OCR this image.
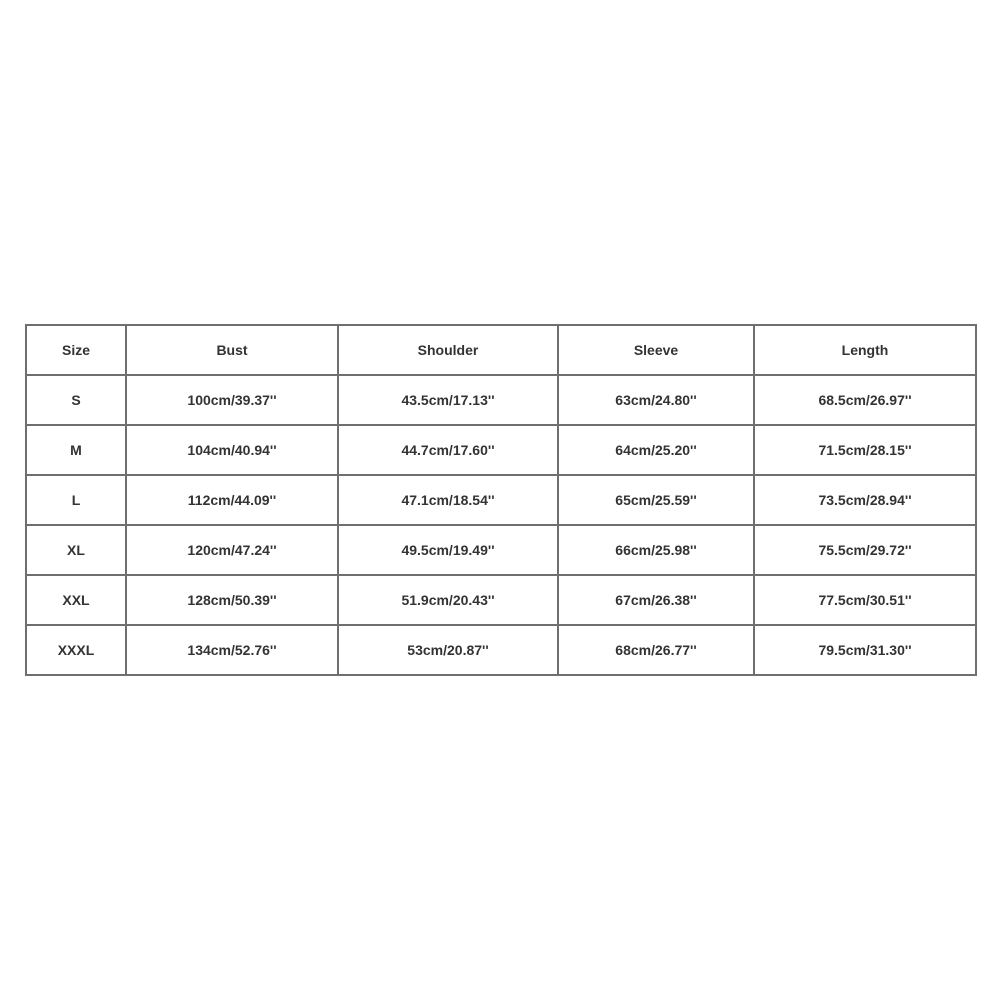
Size	Bust	Shoulder	Sleeve	Length
S	100cm/39.37''	43.5cm/17.13''	63cm/24.80''	68.5cm/26.97''
M	104cm/40.94''	44.7cm/17.60''	64cm/25.20''	71.5cm/28.15''
L	112cm/44.09''	47.1cm/18.54''	65cm/25.59''	73.5cm/28.94''
XL	120cm/47.24''	49.5cm/19.49''	66cm/25.98''	75.5cm/29.72''
XXL	128cm/50.39''	51.9cm/20.43''	67cm/26.38''	77.5cm/30.51''
XXXL	134cm/52.76''	53cm/20.87''	68cm/26.77''	79.5cm/31.30''
